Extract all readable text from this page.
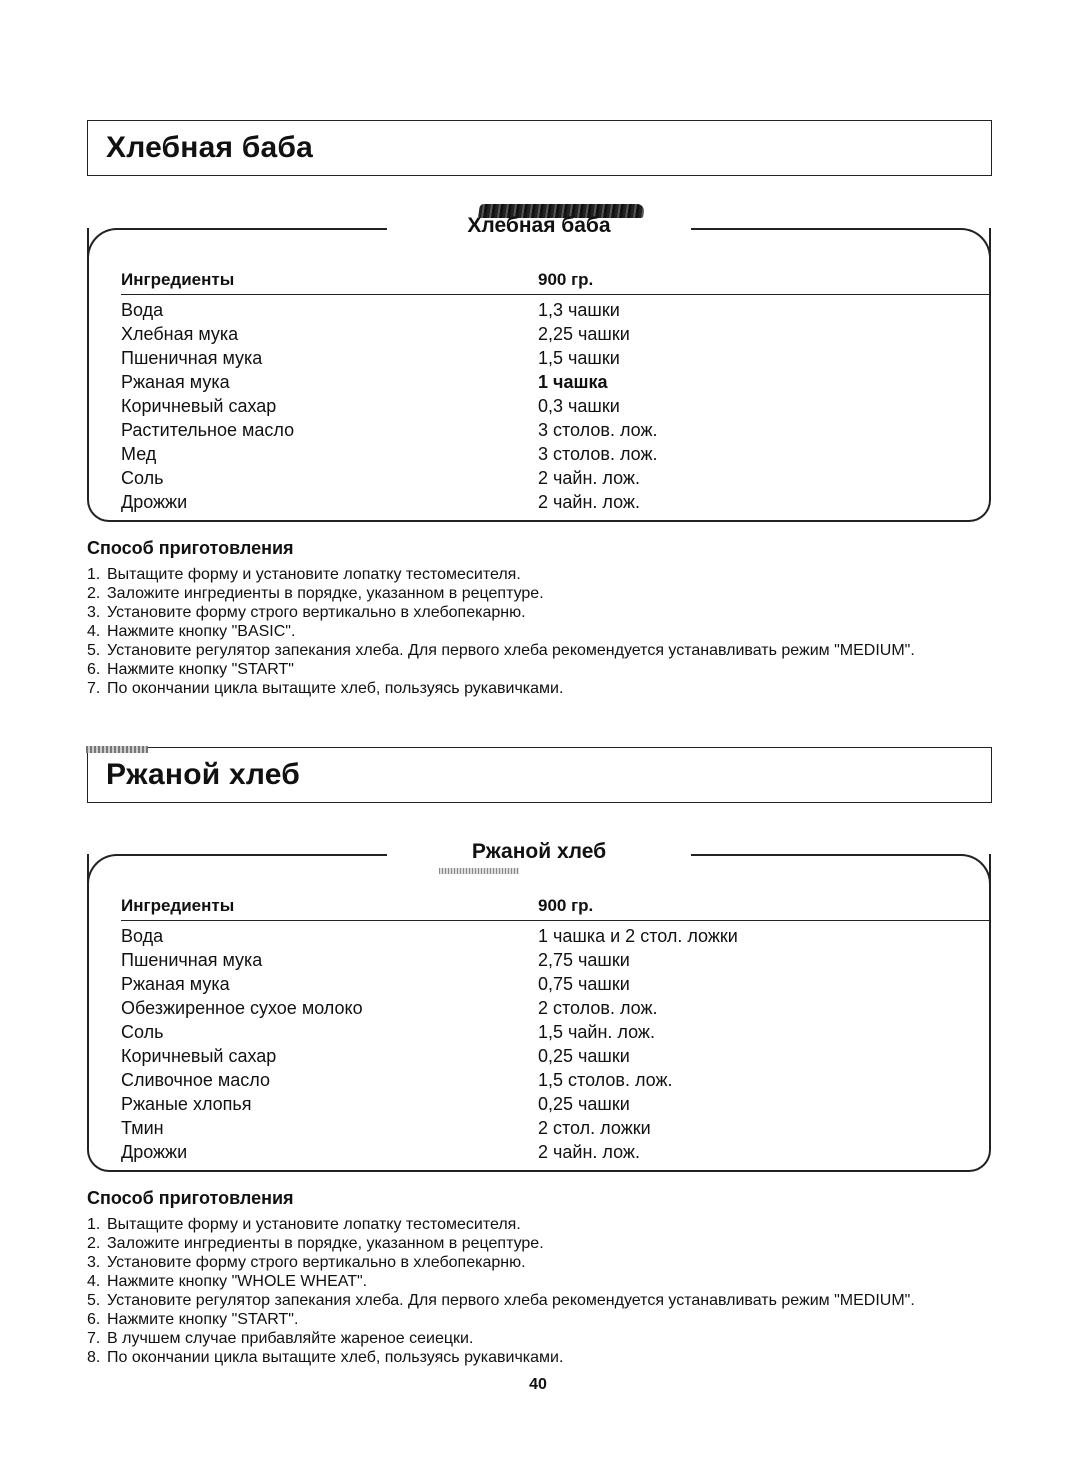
Хлебная баба
Хлебная баба
Ингредиенты	900 гр.
Вода	1,3 чашки
Хлебная мука	2,25 чашки
Пшеничная мука	1,5 чашки
Ржаная мука	1 чашка
Коричневый сахар	0,3 чашки
Растительное масло	3 столов. лож.
Мед	3 столов. лож.
Соль	2 чайн. лож.
Дрожжи	2 чайн. лож.
Способ приготовления
1. Вытащите форму и установите лопатку тестомесителя.
2. Заложите ингредиенты в порядке, указанном в рецептуре.
3. Установите форму строго вертикально в хлебопекарню.
4. Нажмите кнопку "BASIC".
5. Установите регулятор запекания хлеба. Для первого хлеба рекомендуется устанавливать режим "MEDIUM".
6. Нажмите кнопку "START"
7. По окончании цикла вытащите хлеб, пользуясь рукавичками.
Ржаной хлеб
Ржаной хлеб
Ингредиенты	900 гр.
Вода	1 чашка и 2 стол. ложки
Пшеничная мука	2,75 чашки
Ржаная мука	0,75 чашки
Обезжиренное сухое молоко	2 столов. лож.
Соль	1,5 чайн. лож.
Коричневый сахар	0,25 чашки
Сливочное масло	1,5 столов. лож.
Ржаные хлопья	0,25 чашки
Тмин	2 стол. ложки
Дрожжи	2 чайн. лож.
Способ приготовления
1. Вытащите форму и установите лопатку тестомесителя.
2. Заложите ингредиенты в порядке, указанном в рецептуре.
3. Установите форму строго вертикально в хлебопекарню.
4. Нажмите кнопку "WHOLE WHEAT".
5. Установите регулятор запекания хлеба. Для первого хлеба рекомендуется устанавливать режим "MEDIUM".
6. Нажмите кнопку "START".
7. В лучшем случае прибавляйте жареное сеиецки.
8. По окончании цикла вытащите хлеб, пользуясь рукавичками.
40
